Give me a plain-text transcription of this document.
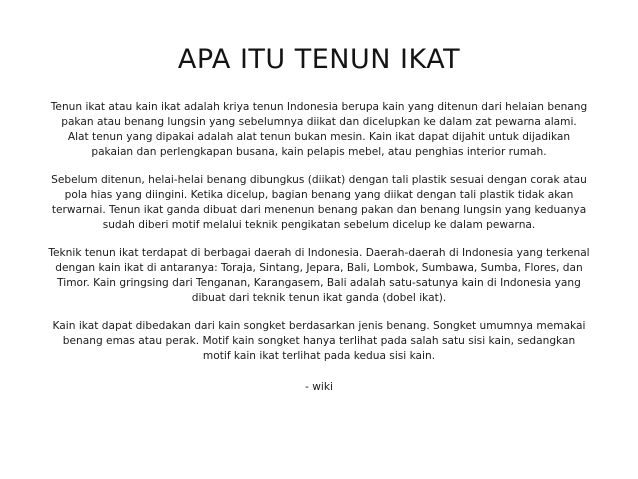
APA ITU TENUN IKAT

Tenun ikat atau kain ikat adalah kriya tenun Indonesia berupa kain yang ditenun dari helaian benang
pakan atau benang lungsin yang sebelumnya diikat dan dicelupkan ke dalam zat pewarna alami.
Alat tenun yang dipakai adalah alat tenun bukan mesin. Kain ikat dapat dijahit untuk dijadikan
pakaian dan perlengkapan busana, kain pelapis mebel, atau penghias interior rumah.

Sebelum ditenun, helai-helai benang dibungkus (diikat) dengan tali plastik sesuai dengan corak atau
pola hias yang diingini. Ketika dicelup, bagian benang yang diikat dengan tali plastik tidak akan
terwarnai. Tenun ikat ganda dibuat dari menenun benang pakan dan benang lungsin yang keduanya
sudah diberi motif melalui teknik pengikatan sebelum dicelup ke dalam pewarna.

Teknik tenun ikat terdapat di berbagai daerah di Indonesia. Daerah-daerah di Indonesia yang terkenal
dengan kain ikat di antaranya: Toraja, Sintang, Jepara, Bali, Lombok, Sumbawa, Sumba, Flores, dan
Timor. Kain gringsing dari Tenganan, Karangasem, Bali adalah satu-satunya kain di Indonesia yang
dibuat dari teknik tenun ikat ganda (dobel ikat).

Kain ikat dapat dibedakan dari kain songket berdasarkan jenis benang. Songket umumnya memakai
benang emas atau perak. Motif kain songket hanya terlihat pada salah satu sisi kain, sedangkan
motif kain ikat terlihat pada kedua sisi kain.

- wiki
